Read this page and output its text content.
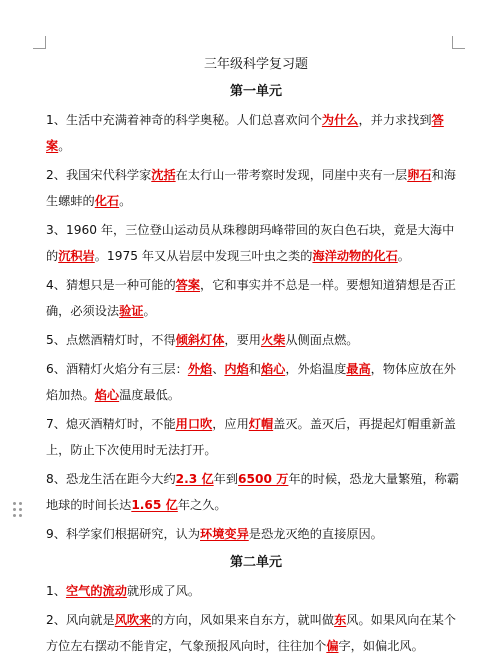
三年级科学复习题
第一单元
1、生活中充满着神奇的科学奥秘。人们总喜欢问个为什么，并力求找到答案。
2、我国宋代科学家沈括在太行山一带考察时发现，同崖中夹有一层卵石和海生螺蚌的化石。
3、1960 年，三位登山运动员从珠穆朗玛峰带回的灰白色石块，竟是大海中的沉积岩。1975 年又从岩层中发现三叶虫之类的海洋动物的化石。
4、猜想只是一种可能的答案，它和事实并不总是一样。要想知道猜想是否正确，必须设法验证。
5、点燃酒精灯时，不得倾斜灯体，要用火柴从侧面点燃。
6、酒精灯火焰分有三层：外焰、内焰和焰心，外焰温度最高，物体应放在外焰加热。焰心温度最低。
7、熄灭酒精灯时，不能用口吹，应用灯帽盖灭。盖灭后，再提起灯帽重新盖上，防止下次使用时无法打开。
8、恐龙生活在距今大约2.3 亿年到6500 万年的时候，恐龙大量繁殖，称霸地球的时间长达1.65 亿年之久。
9、科学家们根据研究，认为环境变异是恐龙灭绝的直接原因。
第二单元
1、空气的流动就形成了风。
2、风向就是风吹来的方向，风如果来自东方，就叫做东风。如果风向在某个方位左右摆动不能肯定，气象预报风向时，往往加个偏字，如偏北风。
